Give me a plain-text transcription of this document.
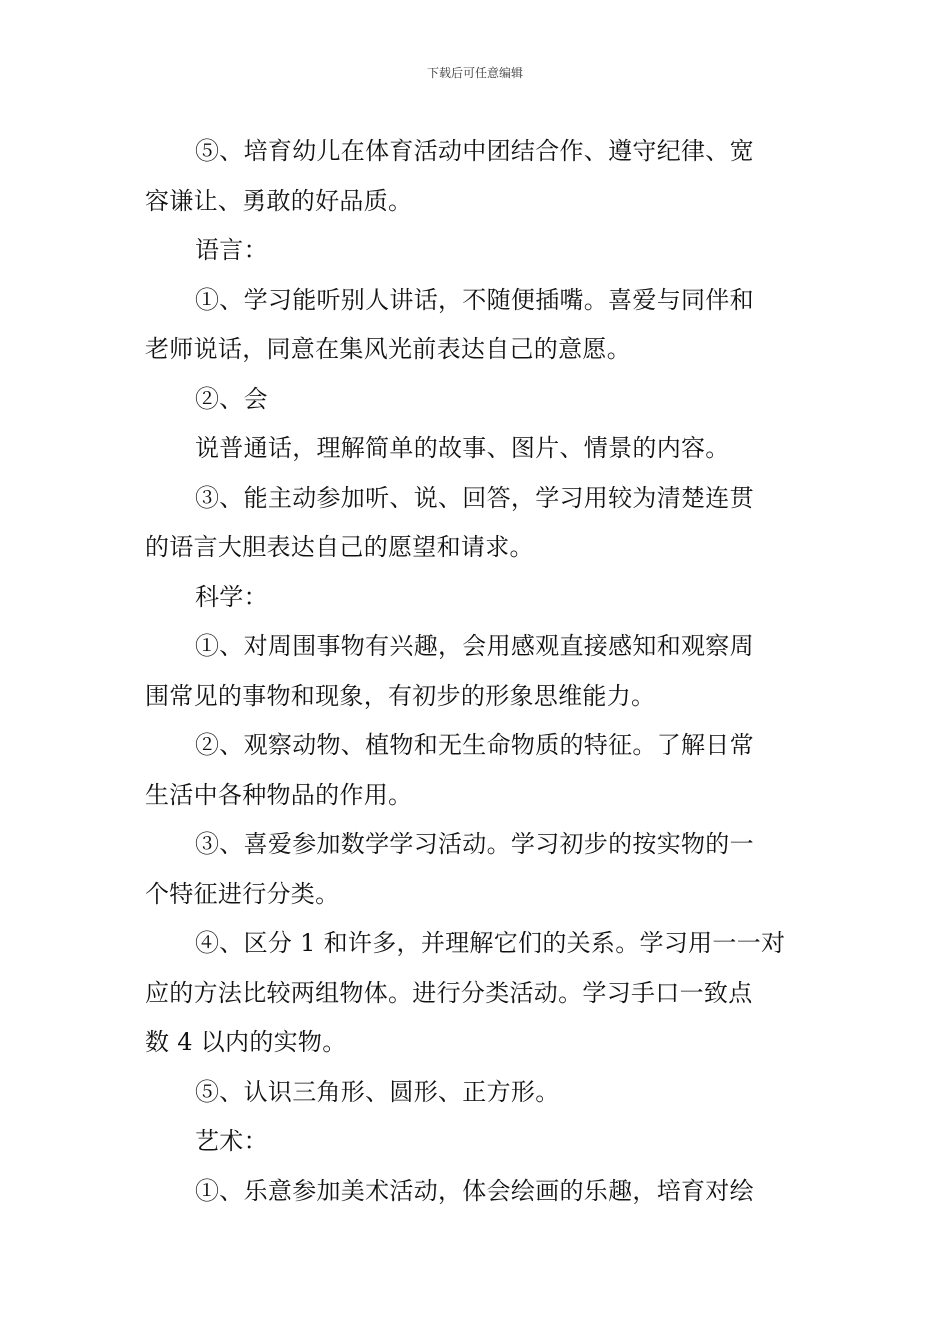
下载后可任意编辑
⑤、培育幼儿在体育活动中团结合作、遵守纪律、宽
容谦让、勇敢的好品质。
语言：
①、学习能听别人讲话，不随便插嘴。喜爱与同伴和
老师说话，同意在集风光前表达自己的意愿。
②、会
说普通话，理解简单的故事、图片、情景的内容。
③、能主动参加听、说、回答，学习用较为清楚连贯
的语言大胆表达自己的愿望和请求。
科学：
①、对周围事物有兴趣，会用感观直接感知和观察周
围常见的事物和现象，有初步的形象思维能力。
②、观察动物、植物和无生命物质的特征。了解日常
生活中各种物品的作用。
③、喜爱参加数学学习活动。学习初步的按实物的一
个特征进行分类。
④、区分 1 和许多，并理解它们的关系。学习用一一对
应的方法比较两组物体。进行分类活动。学习手口一致点
数 4 以内的实物。
⑤、认识三角形、圆形、正方形。
艺术：
①、乐意参加美术活动，体会绘画的乐趣，培育对绘
